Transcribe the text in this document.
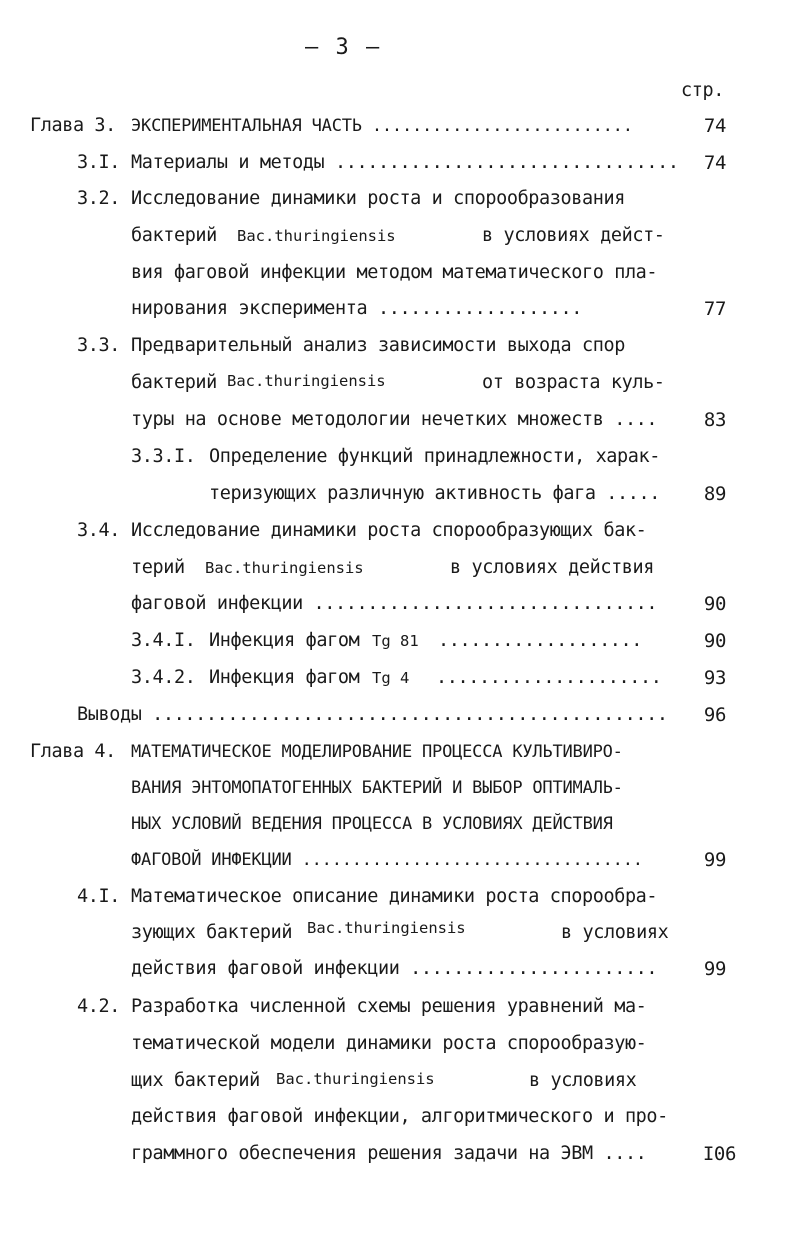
– 3 –
стр.
Глава 3. ЭКСПЕРИМЕНТАЛЬНАЯ ЧАСТЬ ..........................	74
3.I. Материалы и методы ................................	74
3.2. Исследование динамики роста и спорообразования
бактерий Bac.thuringiensis	в условиях дейст-
вия фаговой инфекции методом математического пла-
нирования эксперимента ...................	77
3.3. Предварительный анализ зависимости выхода спор
бактерий Bac.thuringiensis	от возраста куль-
туры на основе методологии нечетких множеств ....	83
3.3.I. Определение функций принадлежности, харак-
теризующих различную активность фага .....	89
3.4. Исследование динамики роста спорообразующих бак-
терий Bac.thuringiensis	в условиях действия
фаговой инфекции ................................	90
3.4.I. Инфекция фагом Tg 81 ...................	90
3.4.2. Инфекция фагом Tg 4 .....................	93
Выводы ................................................	96
Глава 4. МАТЕМАТИЧЕСКОЕ МОДЕЛИРОВАНИЕ ПРОЦЕССА КУЛЬТИВИРО-
ВАНИЯ ЭНТОМОПАТОГЕННЫХ БАКТЕРИЙ И ВЫБОР ОПТИМАЛЬ-
НЫХ УСЛОВИЙ ВЕДЕНИЯ ПРОЦЕССА В УСЛОВИЯХ ДЕЙСТВИЯ
ФАГОВОЙ ИНФЕКЦИИ ..................................	99
4.I. Математическое описание динамики роста спорообра-
зующих бактерий Bac.thuringiensis	в условиях
действия фаговой инфекции .......................	99
4.2. Разработка численной схемы решения уравнений ма-
тематической модели динамики роста спорообразую-
щих бактерий Bac.thuringiensis	в условиях
действия фаговой инфекции, алгоритмического и про-
граммного обеспечения решения задачи на ЭВМ ....	I06
